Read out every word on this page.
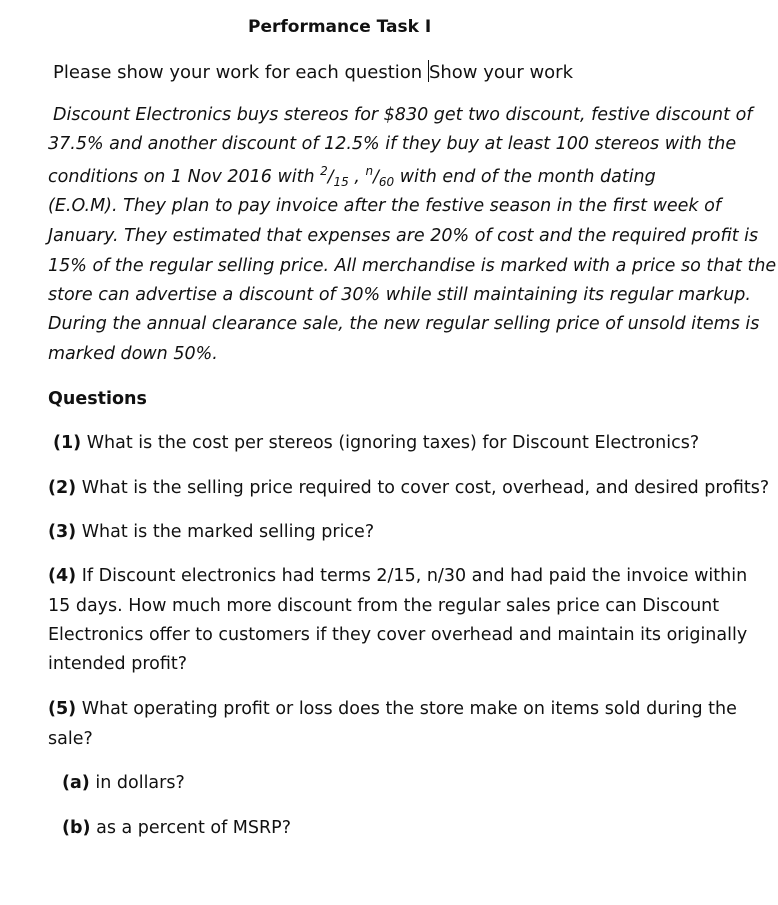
Performance Task I
Please show your work for each question Show your work
Discount Electronics buys stereos for $830 get two discount, festive discount of
37.5% and another discount of 12.5% if they buy at least 100 stereos with the
conditions on 1 Nov 2016 with $^2/_{15}$ , $^n/_{60}$ with end of the month dating
(E.O.M). They plan to pay invoice after the festive season in the first week of
January. They estimated that expenses are 20% of cost and the required profit is
15% of the regular selling price. All merchandise is marked with a price so that the
store can advertise a discount of 30% while still maintaining its regular markup.
During the annual clearance sale, the new regular selling price of unsold items is
marked down 50%.
Questions
(1) What is the cost per stereos (ignoring taxes) for Discount Electronics?
(2) What is the selling price required to cover cost, overhead, and desired profits?
(3) What is the marked selling price?
(4) If Discount electronics had terms 2/15, n/30 and had paid the invoice within
15 days. How much more discount from the regular sales price can Discount
Electronics offer to customers if they cover overhead and maintain its originally
intended profit?
(5) What operating profit or loss does the store make on items sold during the
sale?
(a) in dollars?
(b) as a percent of MSRP?
